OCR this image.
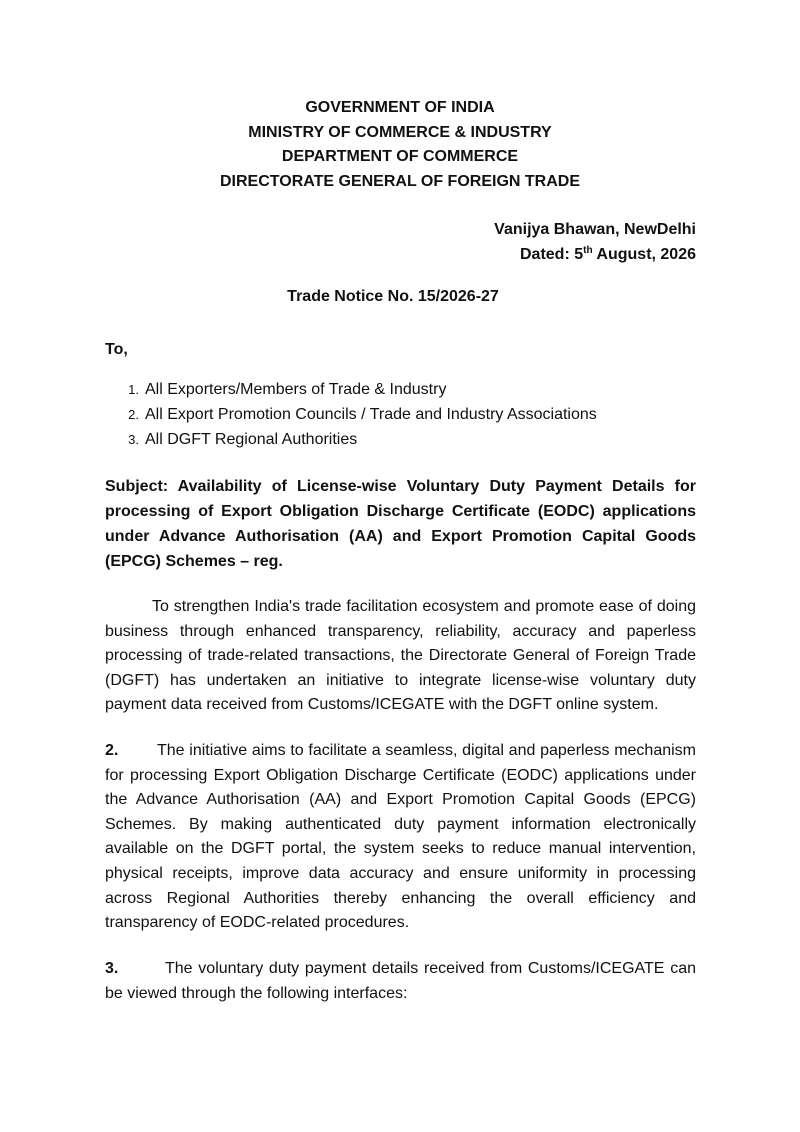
GOVERNMENT OF INDIA
MINISTRY OF COMMERCE & INDUSTRY
DEPARTMENT OF COMMERCE
DIRECTORATE GENERAL OF FOREIGN TRADE
Vanijya Bhawan, NewDelhi
Dated: 5th August, 2026
Trade Notice No. 15/2026-27
To,
1. All Exporters/Members of Trade & Industry
2. All Export Promotion Councils / Trade and Industry Associations
3. All DGFT Regional Authorities
Subject: Availability of License-wise Voluntary Duty Payment Details for processing of Export Obligation Discharge Certificate (EODC) applications under Advance Authorisation (AA) and Export Promotion Capital Goods (EPCG) Schemes – reg.
To strengthen India's trade facilitation ecosystem and promote ease of doing business through enhanced transparency, reliability, accuracy and paperless processing of trade-related transactions, the Directorate General of Foreign Trade (DGFT) has undertaken an initiative to integrate license-wise voluntary duty payment data received from Customs/ICEGATE with the DGFT online system.
2. The initiative aims to facilitate a seamless, digital and paperless mechanism for processing Export Obligation Discharge Certificate (EODC) applications under the Advance Authorisation (AA) and Export Promotion Capital Goods (EPCG) Schemes. By making authenticated duty payment information electronically available on the DGFT portal, the system seeks to reduce manual intervention, physical receipts, improve data accuracy and ensure uniformity in processing across Regional Authorities thereby enhancing the overall efficiency and transparency of EODC-related procedures.
3.	The voluntary duty payment details received from Customs/ICEGATE can be viewed through the following interfaces:
